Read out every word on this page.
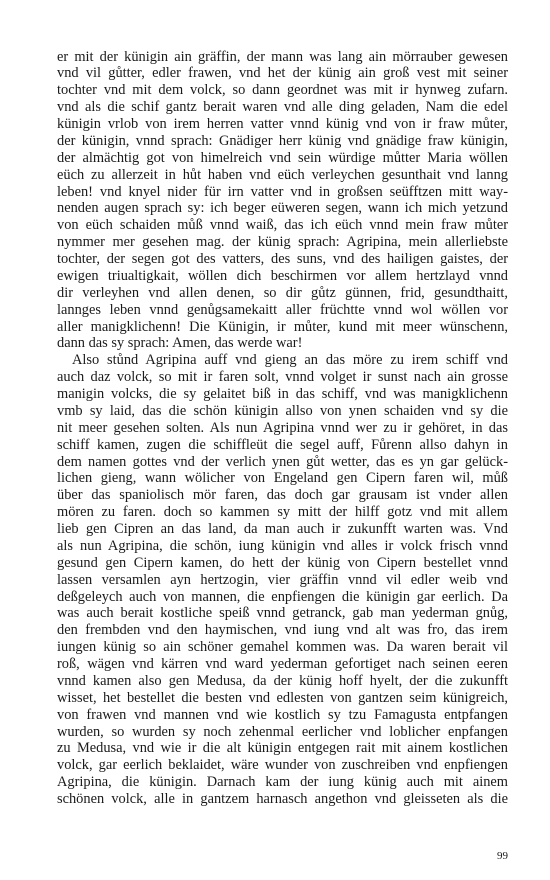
er mit der künigin ain gräffin, der mann was lang ain mörrauber gewesen
vnd vil gůtter, edler frawen, vnd het der künig ain groß vest mit seiner
tochter vnd mit dem volck, so dann geordnet was mit ir hynweg zufarn.
vnd als die schif gantz berait waren vnd alle ding geladen, Nam die edel
künigin vrlob von irem herren vatter vnnd künig vnd von ir fraw můter,
der künigin, vnnd sprach: Gnädiger herr künig vnd gnädige fraw künigin,
der almächtig got von himelreich vnd sein würdige můtter Maria wöllen
eüch zu allerzeit in hůt haben vnd eüch verleychen gesunthait vnd lanng
leben! vnd knyel nider für irn vatter vnd in großsen seüfftzen mitt way-
nenden augen sprach sy: ich beger eüweren segen, wann ich mich yetzund
von eüch schaiden můß vnnd waiß, das ich eüch vnnd mein fraw můter
nymmer mer gesehen mag. der künig sprach: Agripina, mein allerliebste
tochter, der segen got des vatters, des suns, vnd des hailigen gaistes, der
ewigen triualtigkait, wöllen dich beschirmen vor allem hertzlayd vnnd
dir verleyhen vnd allen denen, so dir gůtz günnen, frid, gesundthaitt,
lannges leben vnnd genůgsamekaitt aller früchtte vnnd wol wöllen vor
aller manigklichenn! Die Künigin, ir můter, kund mit meer wünschenn,
dann das sy sprach: Amen, das werde war!
Also stůnd Agripina auff vnd gieng an das möre zu irem schiff vnd
auch daz volck, so mit ir faren solt, vnnd volget ir sunst nach ain grosse
manigin volcks, die sy gelaitet biß in das schiff, vnd was manigklichenn
vmb sy laid, das die schön künigin allso von ynen schaiden vnd sy die
nit meer gesehen solten. Als nun Agripina vnnd wer zu ir gehöret, in das
schiff kamen, zugen die schiffleüt die segel auff, Fůrenn allso dahyn in
dem namen gottes vnd der verlich ynen gůt wetter, das es yn gar gelück-
lichen gieng, wann wölicher von Engeland gen Cipern faren wil, můß
über das spaniolisch mör faren, das doch gar grausam ist vnder allen
mören zu faren. doch so kammen sy mitt der hilff gotz vnd mit allem
lieb gen Cipren an das land, da man auch ir zukunfft warten was. Vnd
als nun Agripina, die schön, iung künigin vnd alles ir volck frisch vnnd
gesund gen Cipern kamen, do hett der künig von Cipern bestellet vnnd
lassen versamlen ayn hertzogin, vier gräffin vnnd vil edler weib vnd
deßgeleych auch von mannen, die enpfiengen die künigin gar eerlich. Da
was auch berait kostliche speiß vnnd getranck, gab man yederman gnůg,
den frembden vnd den haymischen, vnd iung vnd alt was fro, das irem
iungen künig so ain schöner gemahel kommen was. Da waren berait vil
roß, wägen vnd kärren vnd ward yederman gefortiget nach seinen eeren
vnnd kamen also gen Medusa, da der künig hoff hyelt, der die zukunfft
wisset, het bestellet die besten vnd edlesten von gantzen seim künigreich,
von frawen vnd mannen vnd wie kostlich sy tzu Famagusta entpfangen
wurden, so wurden sy noch zehenmal eerlicher vnd loblicher enpfangen
zu Medusa, vnd wie ir die alt künigin entgegen rait mit ainem kostlichen
volck, gar eerlich beklaidet, wäre wunder von zuschreiben vnd enpfiengen
Agripina, die künigin. Darnach kam der iung künig auch mit ainem
schönen volck, alle in gantzem harnasch angethon vnd gleisseten als die
99
